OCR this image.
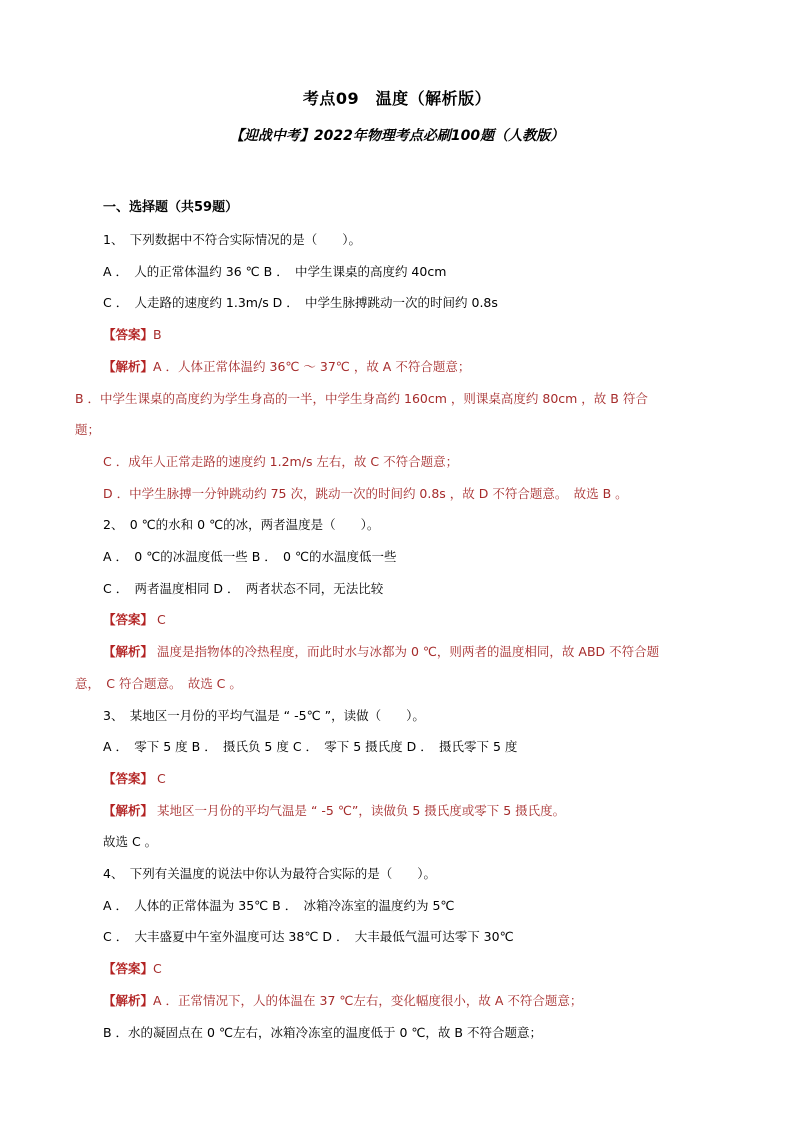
考点09　温度（解析版）
【迎战中考】2022年物理考点必刷100题（人教版）
一、选择题（共59题）
1、　下列数据中不符合实际情况的是（　　）。
A ．　人的正常体温约 36 ℃ B ．　中学生课桌的高度约 40cm
C ．　人走路的速度约 1.3m/s D ．　中学生脉搏跳动一次的时间约 0.8s
【答案】B
【解析】A ．人体正常体温约 36℃ ～ 37℃ ，故 A 不符合题意；
B ．中学生课桌的高度约为学生身高的一半，中学生身高约 160cm ，则课桌高度约 80cm ，故 B 符合
题；
C ．成年人正常走路的速度约 1.2m/s 左右，故 C 不符合题意；
D ．中学生脉搏一分钟跳动约 75 次，跳动一次的时间约 0.8s ，故 D 不符合题意。　故选 B 。
2、　0 ℃的水和 0 ℃的冰，两者温度是（　　）。
A ．　0 ℃的冰温度低一些 B ．　0 ℃的水温度低一些
C ．　两者温度相同 D ．　两者状态不同，无法比较
【答案】 C
【解析】 温度是指物体的冷热程度，而此时水与冰都为 0 ℃，则两者的温度相同，故 ABD 不符合题
意，　C 符合题意。　故选 C 。
3、　某地区一月份的平均气温是 “ -5℃ ”，读做（　　）。
A ．　零下 5 度 B ．　摄氏负 5 度 C ．　零下 5 摄氏度 D ．　摄氏零下 5 度
【答案】 C
【解析】 某地区一月份的平均气温是 “ -5 ℃”，读做负 5 摄氏度或零下 5 摄氏度。
故选 C 。
4、　下列有关温度的说法中你认为最符合实际的是（　　）。
A ．　人体的正常体温为 35℃ B ．　冰箱冷冻室的温度约为 5℃
C ．　大丰盛夏中午室外温度可达 38℃ D ．　大丰最低气温可达零下 30℃
【答案】C
【解析】A ．正常情况下，人的体温在 37 ℃左右，变化幅度很小，故 A 不符合题意；
B ．水的凝固点在 0 ℃左右，冰箱冷冻室的温度低于 0 ℃，故 B 不符合题意；
